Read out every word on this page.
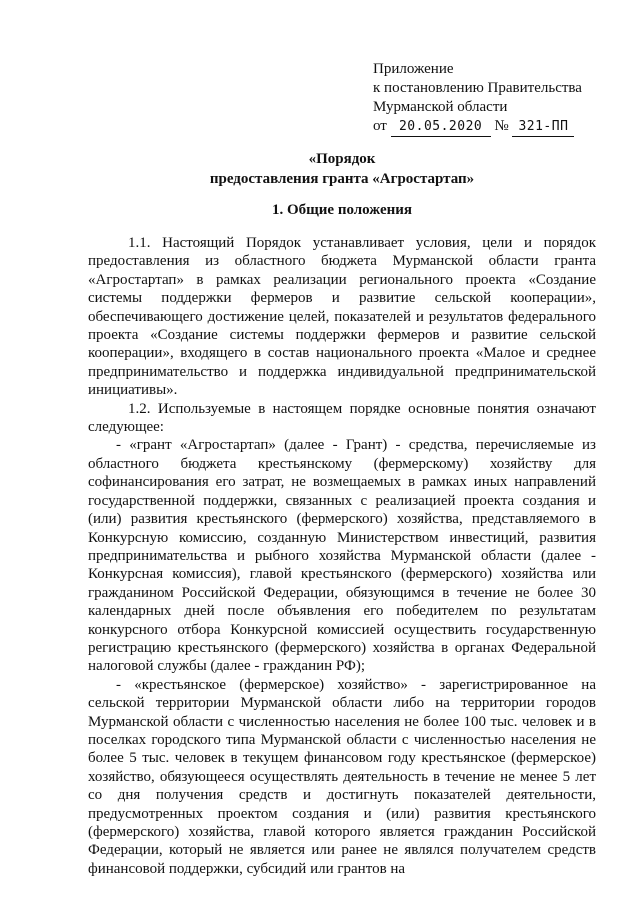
Приложение
к постановлению Правительства
Мурманской области
от 20.05.2020 № 321-ПП
«Порядок
предоставления гранта «Агростартап»
1. Общие положения

1.1. Настоящий Порядок устанавливает условия, цели и порядок предоставления из областного бюджета Мурманской области гранта «Агростартап» в рамках реализации регионального проекта «Создание системы поддержки фермеров и развитие сельской кооперации», обеспечивающего достижение целей, показателей и результатов федерального проекта «Создание системы поддержки фермеров и развитие сельской кооперации», входящего в состав национального проекта «Малое и среднее предпринимательство и поддержка индивидуальной предпринимательской инициативы».

1.2. Используемые в настоящем порядке основные понятия означают следующее:

- «грант «Агростартап» (далее - Грант) - средства, перечисляемые из областного бюджета крестьянскому (фермерскому) хозяйству для софинансирования его затрат, не возмещаемых в рамках иных направлений государственной поддержки, связанных с реализацией проекта создания и (или) развития крестьянского (фермерского) хозяйства, представляемого в Конкурсную комиссию, созданную Министерством инвестиций, развития предпринимательства и рыбного хозяйства Мурманской области (далее - Конкурсная комиссия), главой крестьянского (фермерского) хозяйства или гражданином Российской Федерации, обязующимся в течение не более 30 календарных дней после объявления его победителем по результатам конкурсного отбора Конкурсной комиссией осуществить государственную регистрацию крестьянского (фермерского) хозяйства в органах Федеральной налоговой службы (далее - гражданин РФ);

- «крестьянское (фермерское) хозяйство» - зарегистрированное на сельской территории Мурманской области либо на территории городов Мурманской области с численностью населения не более 100 тыс. человек и в поселках городского типа Мурманской области с численностью населения не более 5 тыс. человек в текущем финансовом году крестьянское (фермерское) хозяйство, обязующееся осуществлять деятельность в течение не менее 5 лет со дня получения средств и достигнуть показателей деятельности, предусмотренных проектом создания и (или) развития крестьянского (фермерского) хозяйства, главой которого является гражданин Российской Федерации, который не является или ранее не являлся получателем средств финансовой поддержки, субсидий или грантов на
